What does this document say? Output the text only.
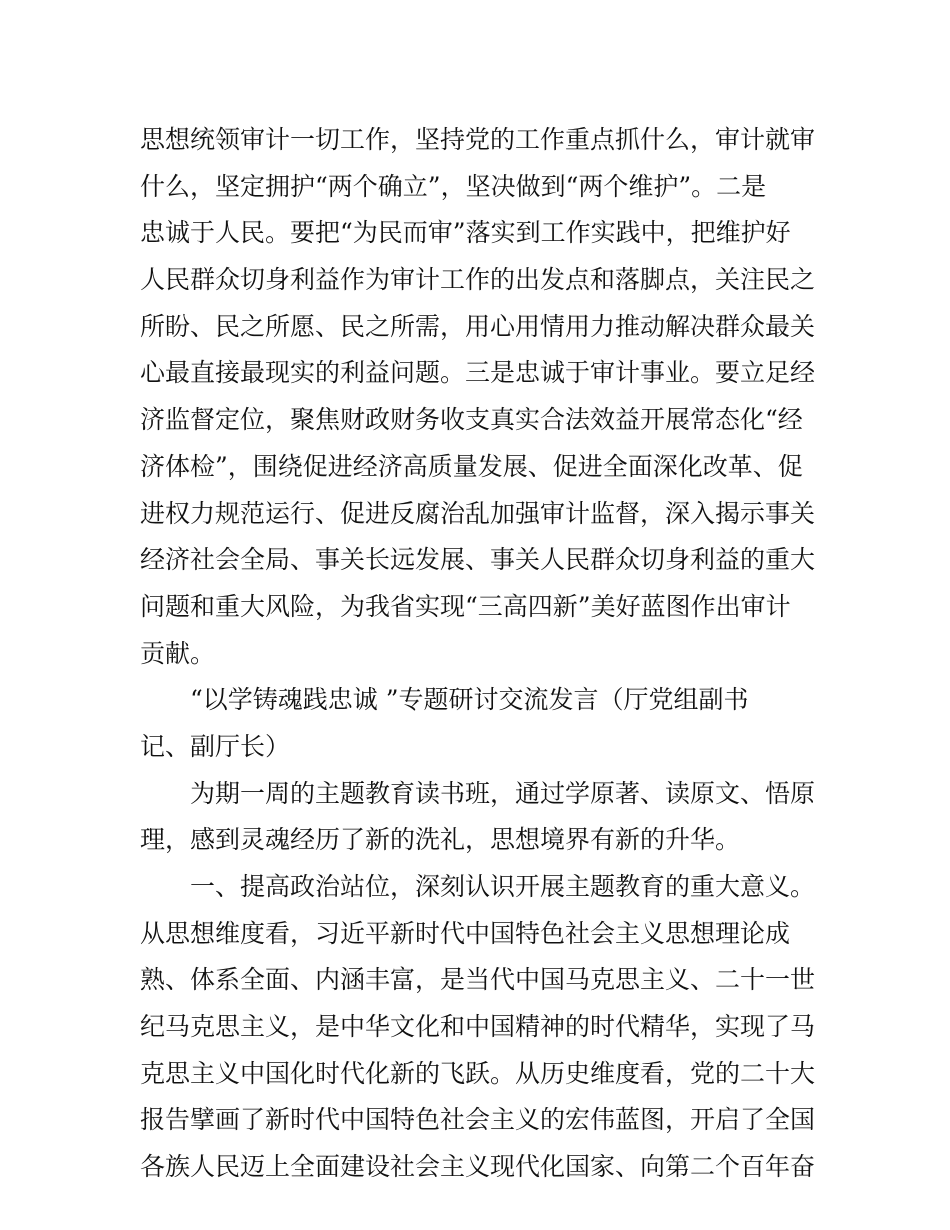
思想统领审计一切工作，坚持党的工作重点抓什么，审计就审

什么，坚定拥护“两个确立”，坚决做到“两个维护”。二是

忠诚于人民。要把“为民而审”落实到工作实践中，把维护好

人民群众切身利益作为审计工作的出发点和落脚点，关注民之

所盼、民之所愿、民之所需，用心用情用力推动解决群众最关

心最直接最现实的利益问题。三是忠诚于审计事业。要立足经

济监督定位，聚焦财政财务收支真实合法效益开展常态化“经

济体检”，围绕促进经济高质量发展、促进全面深化改革、促

进权力规范运行、促进反腐治乱加强审计监督，深入揭示事关

经济社会全局、事关长远发展、事关人民群众切身利益的重大

问题和重大风险，为我省实现“三高四新”美好蓝图作出审计

贡献。

“以学铸魂践忠诚 ”专题研讨交流发言（厅党组副书

记、副厅长）

为期一周的主题教育读书班，通过学原著、读原文、悟原

理，感到灵魂经历了新的洗礼，思想境界有新的升华。

一、提高政治站位，深刻认识开展主题教育的重大意义。

从思想维度看，习近平新时代中国特色社会主义思想理论成

熟、体系全面、内涵丰富，是当代中国马克思主义、二十一世

纪马克思主义，是中华文化和中国精神的时代精华，实现了马

克思主义中国化时代化新的飞跃。从历史维度看，党的二十大

报告擘画了新时代中国特色社会主义的宏伟蓝图，开启了全国

各族人民迈上全面建设社会主义现代化国家、向第二个百年奋
